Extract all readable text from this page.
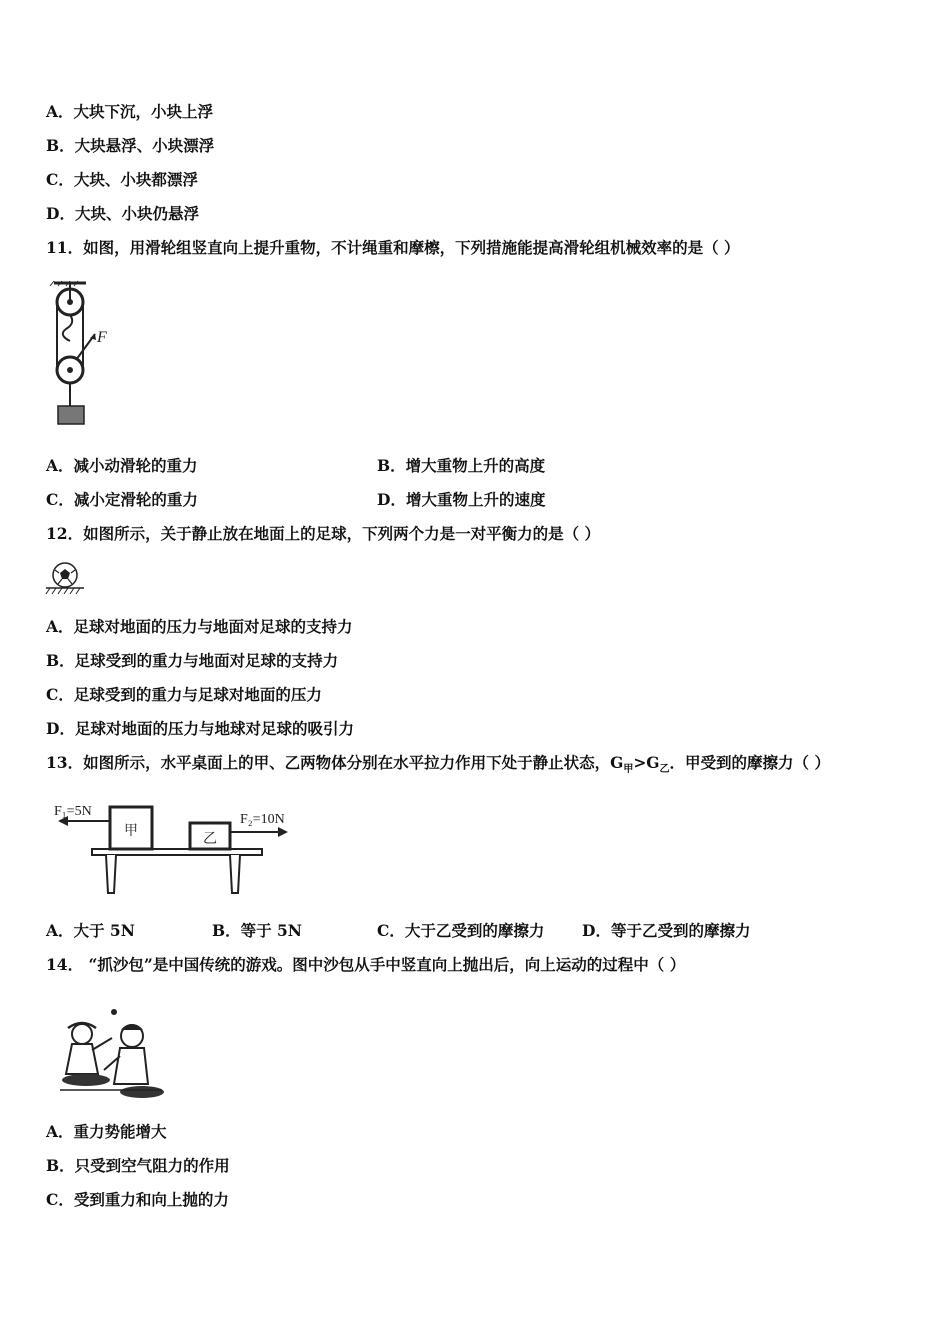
A．大块下沉，小块上浮
B．大块悬浮、小块漂浮
C．大块、小块都漂浮
D．大块、小块仍悬浮
11．如图，用滑轮组竖直向上提升重物，不计绳重和摩檫，下列措施能提高滑轮组机械效率的是（ ）
F
A．减小动滑轮的重力	B．增大重物上升的高度
C．减小定滑轮的重力	D．增大重物上升的速度
12．如图所示，关于静止放在地面上的足球，下列两个力是一对平衡力的是（ ）
A．足球对地面的压力与地面对足球的支持力
B．足球受到的重力与地面对足球的支持力
C．足球受到的重力与足球对地面的压力
D．足球对地面的压力与地球对足球的吸引力
13．如图所示，水平桌面上的甲、乙两物体分别在水平拉力作用下处于静止状态，$G_甲>G_乙$．甲受到的摩擦力（ ）
甲
乙
F₁=5N
F₂=10N
A．大于 5N	B．等于 5N	C．大于乙受到的摩擦力 D．等于乙受到的摩擦力
14． “抓沙包”是中国传统的游戏。图中沙包从手中竖直向上抛出后，向上运动的过程中（ ）
A．重力势能增大
B．只受到空气阻力的作用
C．受到重力和向上抛的力
